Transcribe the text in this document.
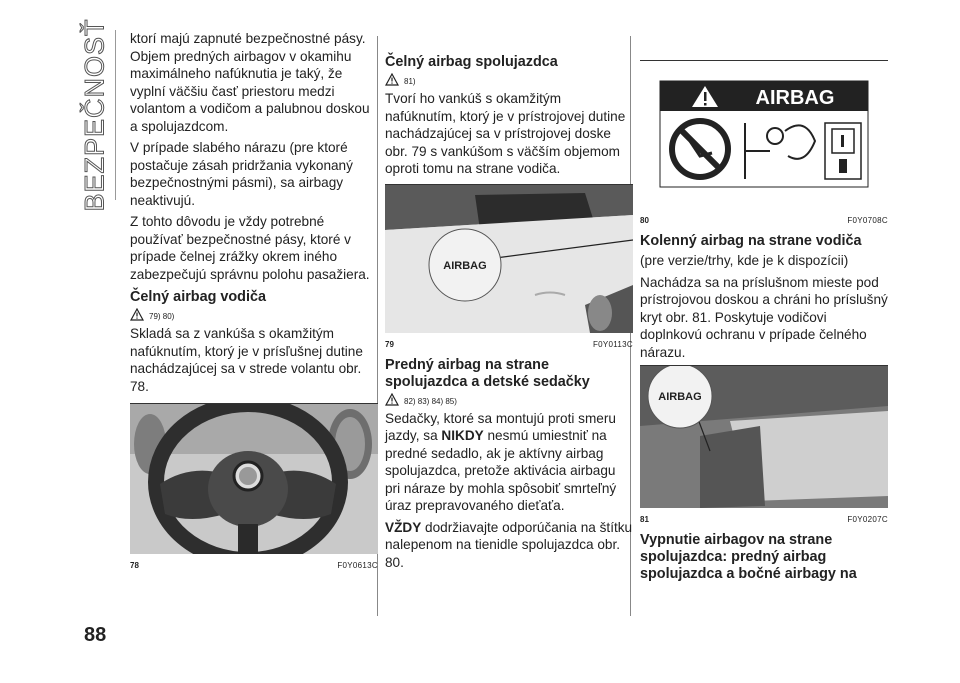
BEZPEČNOSŤ
88

ktorí majú zapnuté bezpečnostné pásy. Objem predných airbagov v okamihu maximálneho nafúknutia je taký, že vyplní väčšiu časť priestoru medzi volantom a vodičom a palubnou doskou a spolujazdcom.

V prípade slabého nárazu (pre ktoré postačuje zásah pridržania vykonaný bezpečnostnými pásmi), sa airbagy neaktivujú.

Z tohto dôvodu je vždy potrebné používať bezpečnostné pásy, ktoré v prípade čelnej zrážky okrem iného zabezpečujú správnu polohu pasažiera.

Čelný airbag vodiča
79) 80)

Skladá sa z vankúša s okamžitým nafúknutím, ktorý je v prísľušnej dutine nachádzajúcej sa v strede volantu obr. 78.

78	F0Y0613C
Čelný airbag spolujazdca
81)

Tvorí ho vankúš s okamžitým nafúknutím, ktorý je v prístrojovej dutine nachádzajúcej sa v prístrojovej doske obr. 79 s vankúšom s väčším objemom oproti tomu na strane vodiča.

AIRBAG
79	F0Y0113C
Predný airbag na strane spolujazdca a detské sedačky
82) 83) 84) 85)

Sedačky, ktoré sa montujú proti smeru jazdy, sa NIKDY nesmú umiestniť na predné sedadlo, ak je aktívny airbag spolujazdca, pretože aktivácia airbagu pri náraze by mohla spôsobiť smrteľný úraz prepravovaného dieťaťa.

VŽDY dodržiavajte odporúčania na štítku nalepenom na tienidle spolujazdca obr. 80.

AIRBAG
80	F0Y0708C
Kolenný airbag na strane vodiča

(pre verzie/trhy, kde je k dispozícii)

Nachádza sa na príslušnom mieste pod prístrojovou doskou a chráni ho príslušný kryt obr. 81. Poskytuje vodičovi doplnkovú ochranu v prípade čelného nárazu.

AIRBAG
81	F0Y0207C
Vypnutie airbagov na strane spolujazdca: predný airbag spolujazdca a bočné airbagy na
